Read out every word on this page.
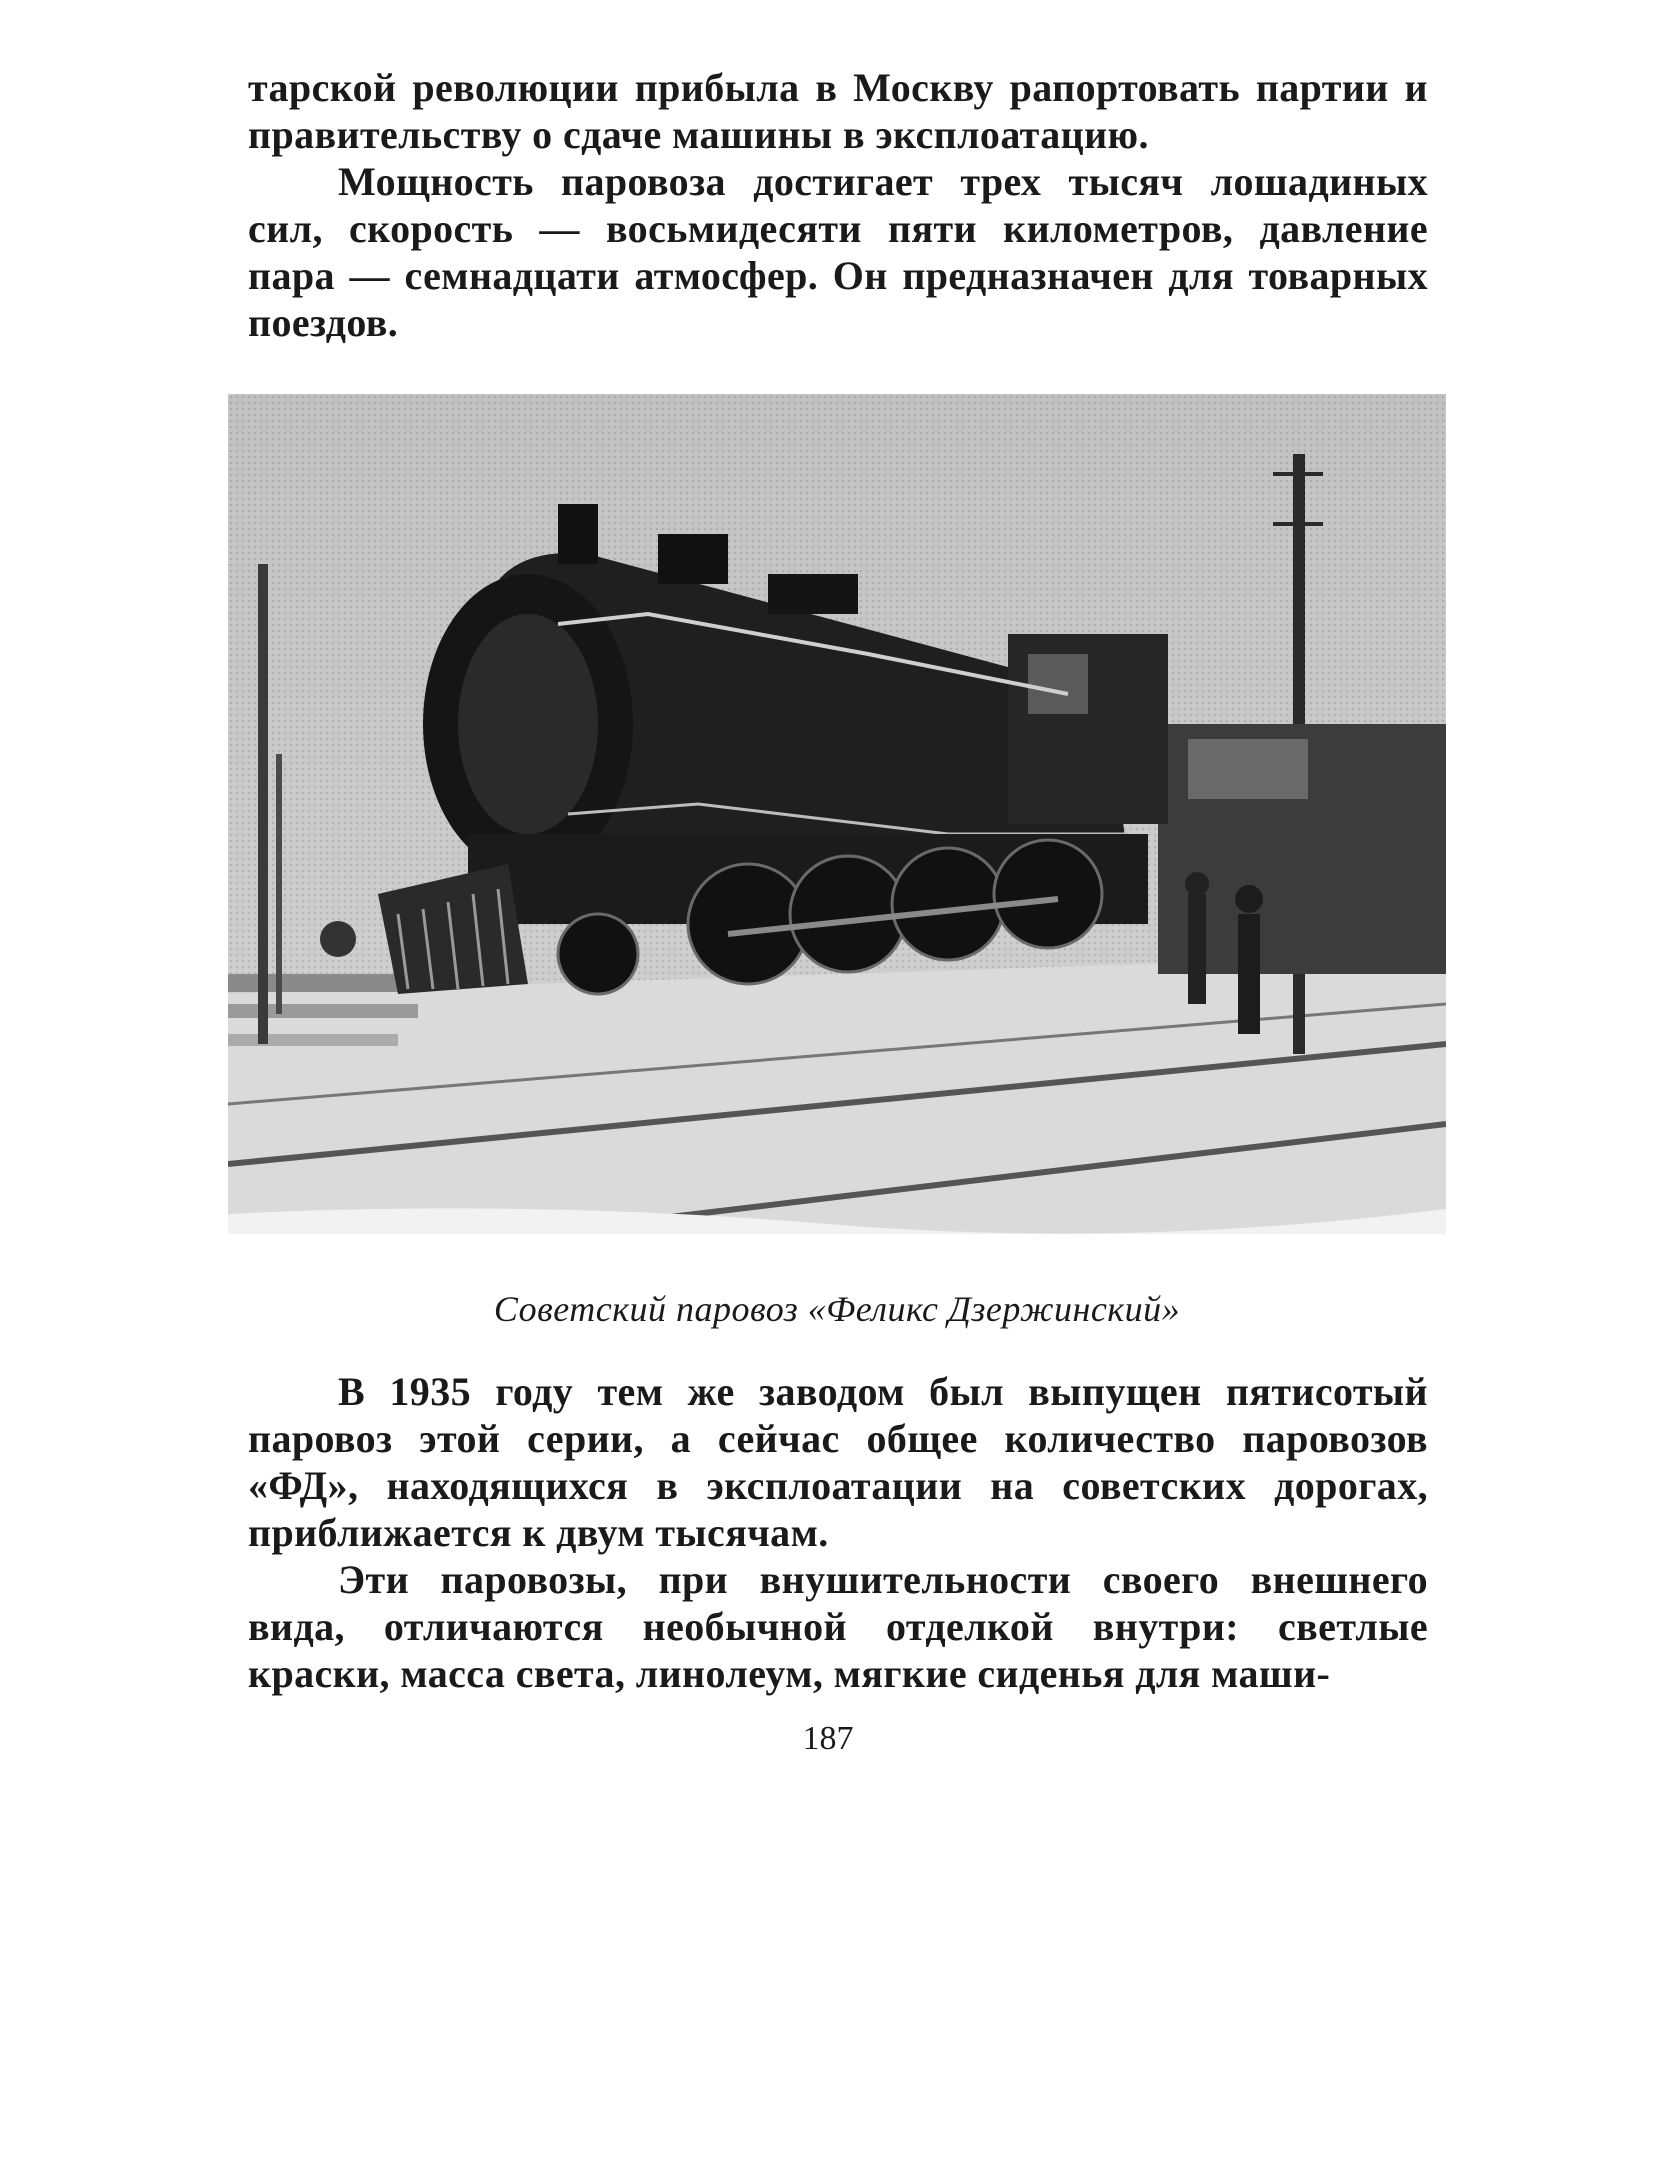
тарской революции прибыла в Москву рапортовать партии и правительству о сдаче машины в эксплоатацию.

Мощность паровоза достигает трех тысяч лошадиных сил, скорость — восьмидесяти пяти километров, давление пара — семнадцати атмосфер. Он предназначен для товарных поездов.

Советский паровоз «Феликс Дзержинский»

В 1935 году тем же заводом был выпущен пятисотый паровоз этой серии, а сейчас общее количество паровозов «ФД», находящихся в эксплоатации на советских дорогах, приближается к двум тысячам.

Эти паровозы, при внушительности своего внешнего вида, отличаются необычной отделкой внутри: светлые краски, масса света, линолеум, мягкие сиденья для маши-

187
